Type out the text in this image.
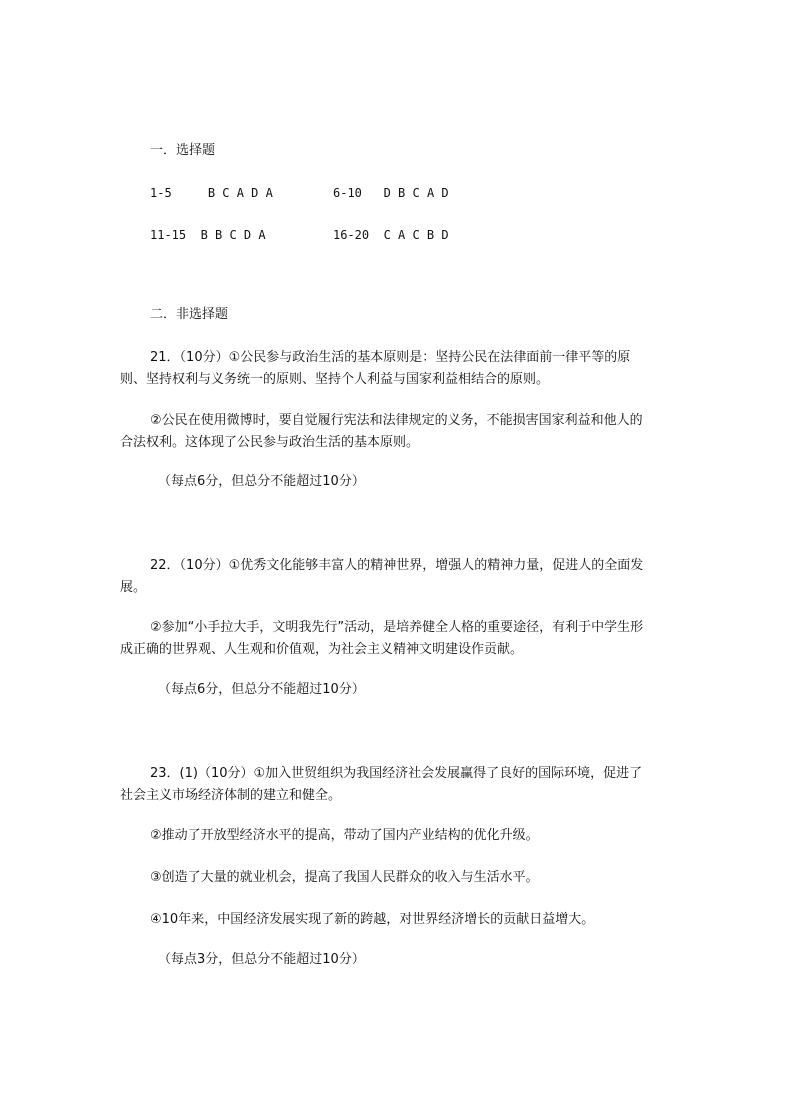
一．选择题
1-5	B C A D A	6-10 D B C A D
11-15 B B C D A	16-20 C A C B D
二．非选择题
21．（10分）①公民参与政治生活的基本原则是：坚持公民在法律面前一律平等的原则、坚持权利与义务统一的原则、坚持个人利益与国家利益相结合的原则。
②公民在使用微博时，要自觉履行宪法和法律规定的义务，不能损害国家利益和他人的合法权利。这体现了公民参与政治生活的基本原则。
（每点6分，但总分不能超过10分）
22．（10分）①优秀文化能够丰富人的精神世界，增强人的精神力量，促进人的全面发展。
②参加“小手拉大手，文明我先行”活动，是培养健全人格的重要途径，有利于中学生形成正确的世界观、人生观和价值观，为社会主义精神文明建设作贡献。
（每点6分，但总分不能超过10分）
23．(1)（10分）①加入世贸组织为我国经济社会发展赢得了良好的国际环境，促进了社会主义市场经济体制的建立和健全。
②推动了开放型经济水平的提高，带动了国内产业结构的优化升级。
③创造了大量的就业机会，提高了我国人民群众的收入与生活水平。
④10年来，中国经济发展实现了新的跨越，对世界经济增长的贡献日益增大。
（每点3分，但总分不能超过10分）
